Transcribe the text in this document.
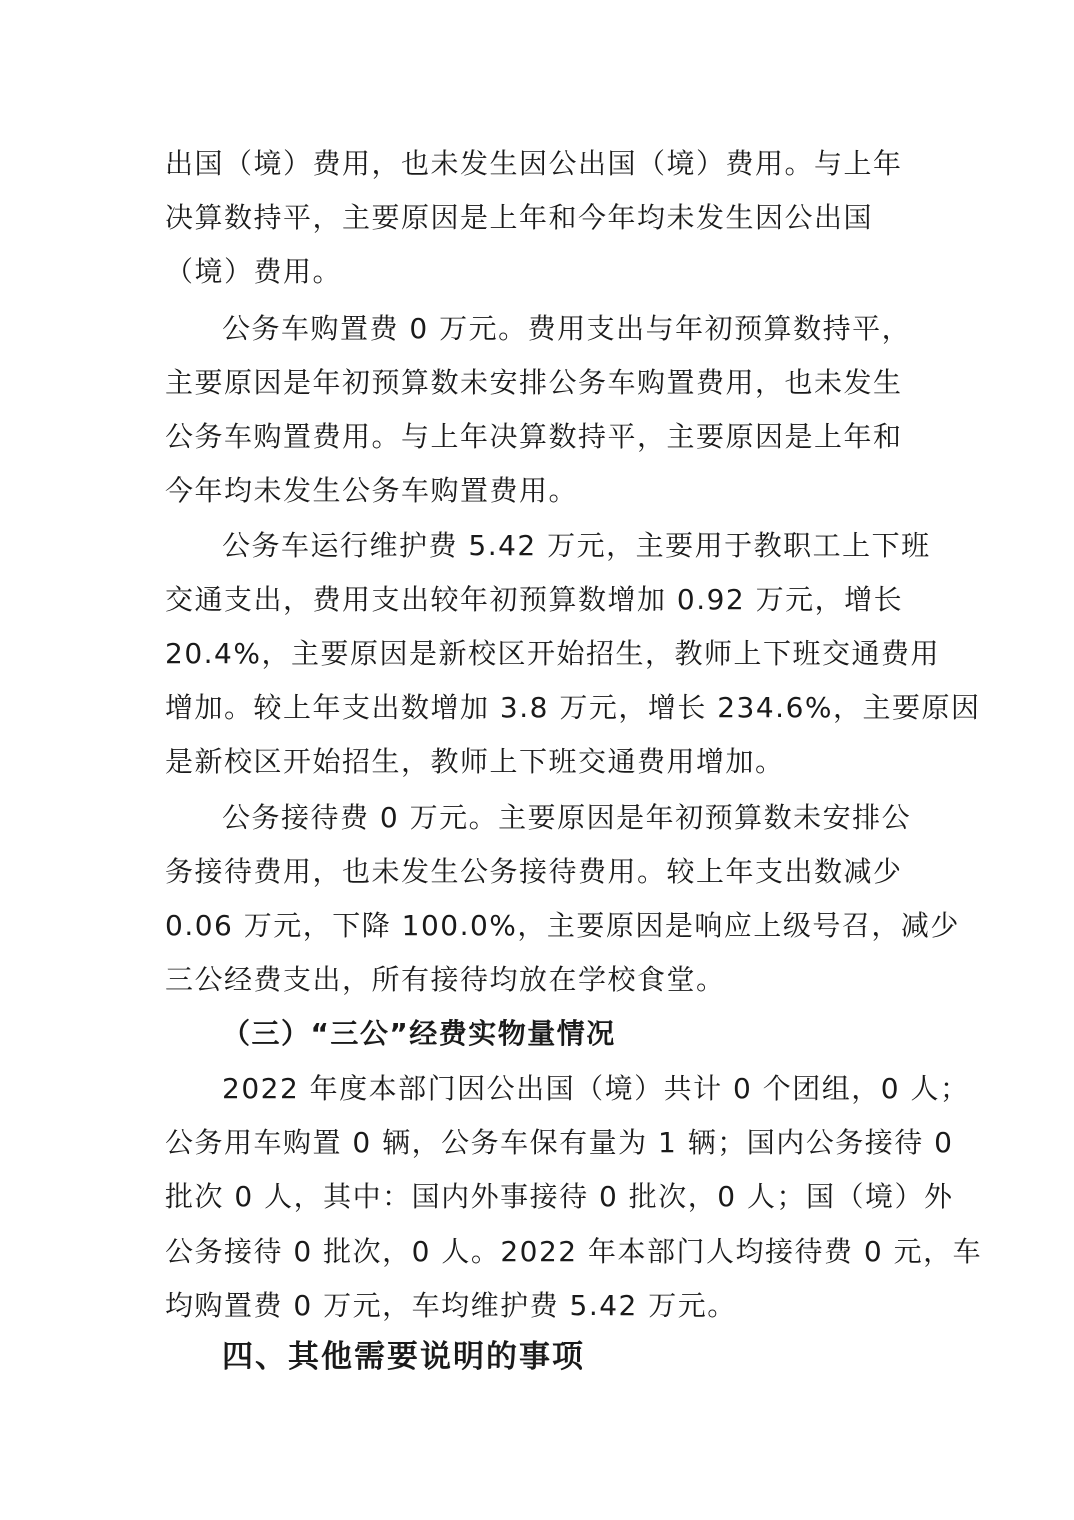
出国（境）费用，也未发生因公出国（境）费用。与上年
决算数持平，主要原因是上年和今年均未发生因公出国
（境）费用。
公务车购置费 0 万元。费用支出与年初预算数持平，
主要原因是年初预算数未安排公务车购置费用，也未发生
公务车购置费用。与上年决算数持平，主要原因是上年和
今年均未发生公务车购置费用。
公务车运行维护费 5.42 万元，主要用于教职工上下班
交通支出，费用支出较年初预算数增加 0.92 万元，增长
20.4%，主要原因是新校区开始招生，教师上下班交通费用
增加。较上年支出数增加 3.8 万元，增长 234.6%，主要原因
是新校区开始招生，教师上下班交通费用增加。
公务接待费 0 万元。主要原因是年初预算数未安排公
务接待费用，也未发生公务接待费用。较上年支出数减少
0.06 万元，下降 100.0%，主要原因是响应上级号召，减少
三公经费支出，所有接待均放在学校食堂。
（三）“三公”经费实物量情况
2022 年度本部门因公出国（境）共计 0 个团组，0 人；
公务用车购置 0 辆，公务车保有量为 1 辆；国内公务接待 0
批次 0 人，其中：国内外事接待 0 批次，0 人；国（境）外
公务接待 0 批次，0 人。2022 年本部门人均接待费 0 元，车
均购置费 0 万元，车均维护费 5.42 万元。
四、其他需要说明的事项
